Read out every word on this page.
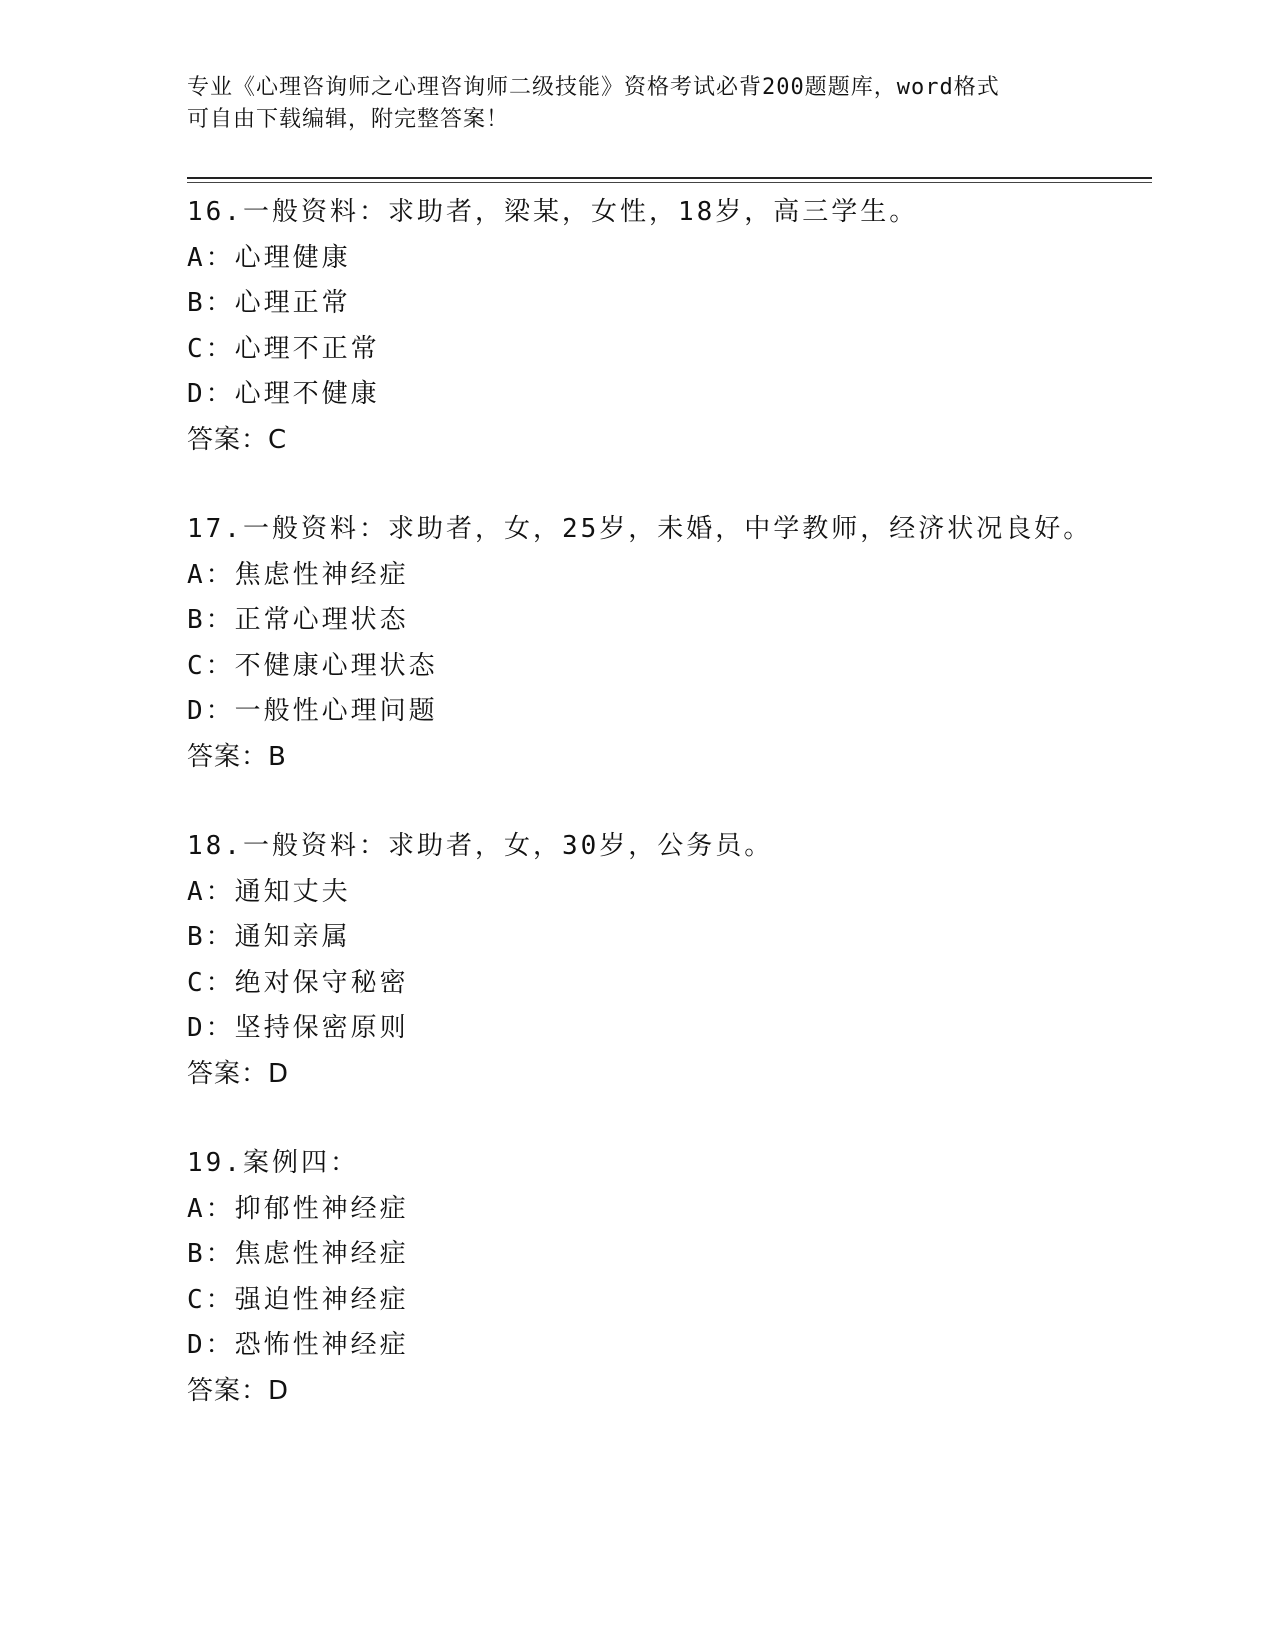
专业《心理咨询师之心理咨询师二级技能》资格考试必背200题题库，word格式
可自由下载编辑，附完整答案！
16.一般资料：求助者，梁某，女性，18岁，高三学生。
A：心理健康
B：心理正常
C：心理不正常
D：心理不健康
答案：C
17.一般资料：求助者，女，25岁，未婚，中学教师，经济状况良好。
A：焦虑性神经症
B：正常心理状态
C：不健康心理状态
D：一般性心理问题
答案：B
18.一般资料：求助者，女，30岁，公务员。
A：通知丈夫
B：通知亲属
C：绝对保守秘密
D：坚持保密原则
答案：D
19.案例四：
A：抑郁性神经症
B：焦虑性神经症
C：强迫性神经症
D：恐怖性神经症
答案：D
